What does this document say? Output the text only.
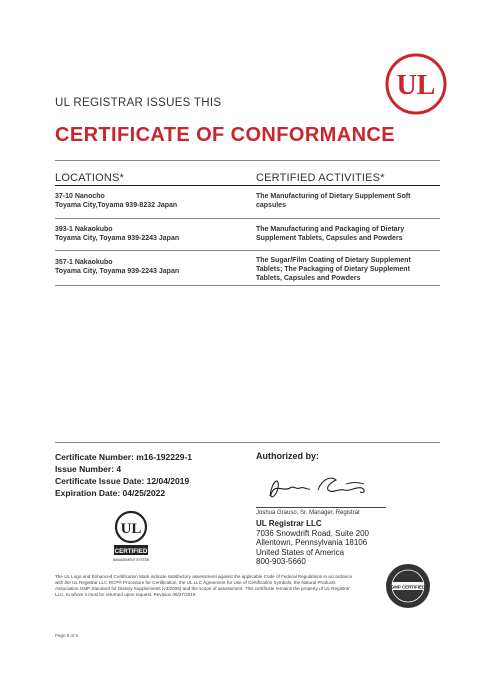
UL
UL REGISTRAR ISSUES THIS
CERTIFICATE OF CONFORMANCE
LOCATIONS*	CERTIFIED ACTIVITIES*
37-10 Nanocho
Toyama City,Toyama 939-8232 Japan
The Manufacturing of Dietary Supplement Soft
capsules
393-1 Nakaokubo
Toyama City, Toyama 939-2243 Japan
The Manufacturing and Packaging of Dietary
Supplement Tablets, Capsules and Powders
357-1 Nakaokubo
Toyama City, Toyama 939-2243 Japan
The Sugar/Film Coating of Dietary Supplement
Tablets; The Packaging of Dietary Supplement
Tablets, Capsules and Powders
Certificate Number: m16-192229-1
Issue Number: 4
Certificate Issue Date: 12/04/2019
Expiration Date: 04/25/2022
Authorized by:
Joshua Grauso, Sr. Manager, Registrar
UL Registrar LLC
7036 Snowdrift Road, Suite 200
Allentown, Pennsylvania 18106
United States of America
800-903-5660
UL
CERTIFIED
MANAGEMENT SYSTEM
GMP CERTIFIED
The UL Logo and Enhanced Certification Mark indicate satisfactory assessment against the applicable Code of Federal Regulations in accordance with the UL Registrar LLC RCP® Procedure for Certification, the UL LLC Agreement for Use of Certification Symbols, the Natural Products Association GMP Standard for Dietary Supplements (v3/2006) and the scope of assessment. This certificate remains the property of UL Registrar LLC, to whom it must be returned upon request. Revision 06/27/2019
Page 6 of 6
